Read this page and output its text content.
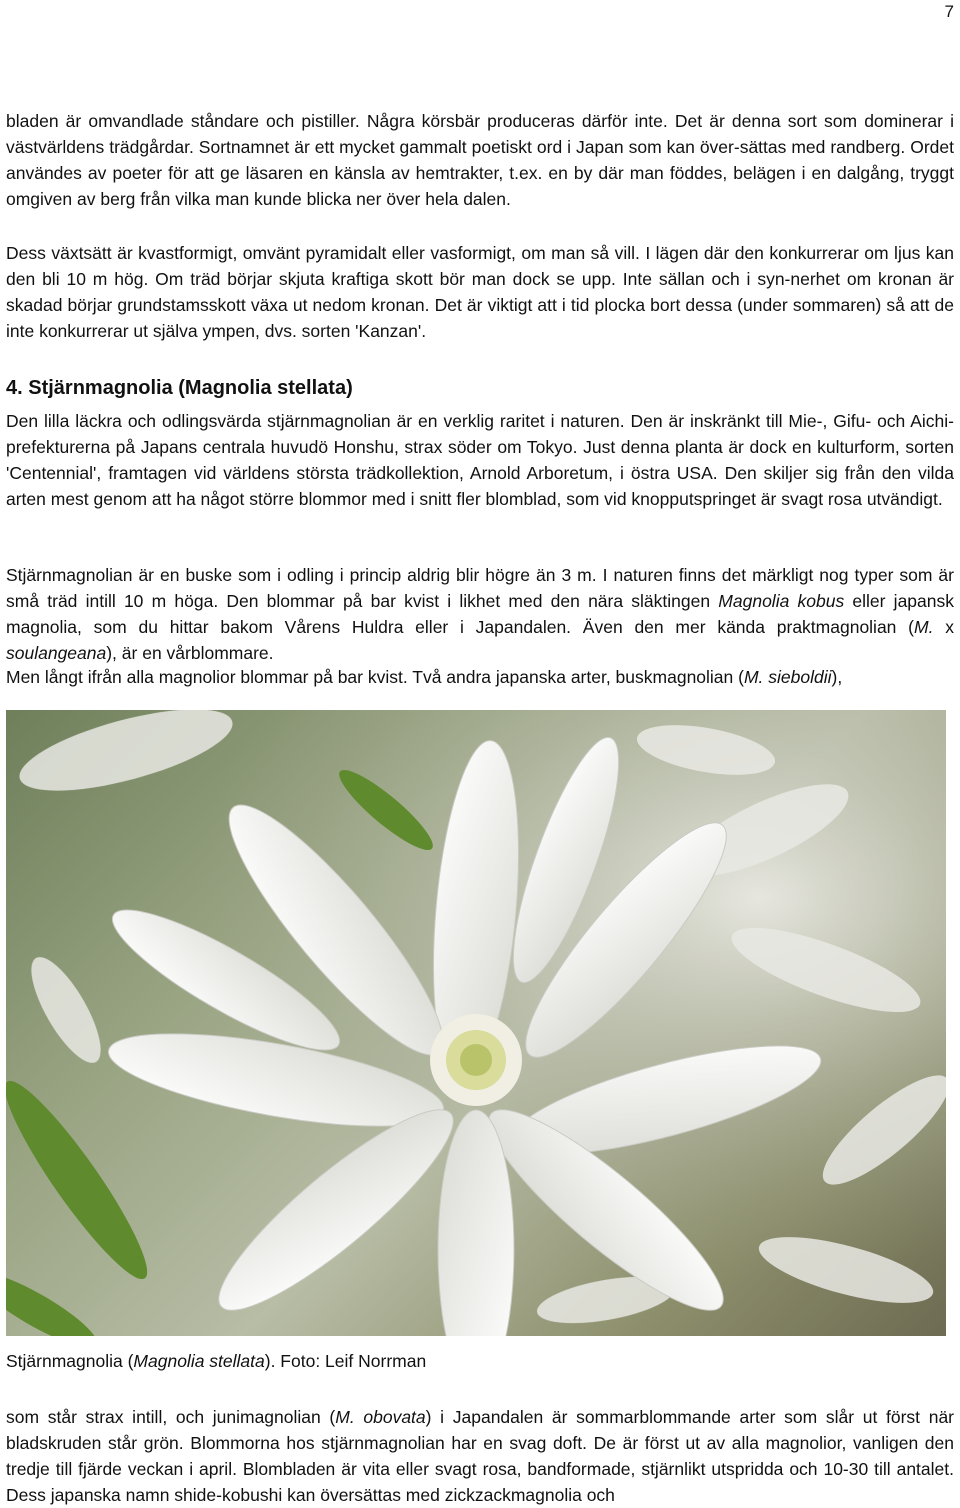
7

bladen är omvandlade ståndare och pistiller. Några körsbär produceras därför inte. Det är denna sort som dominerar i västvärldens trädgårdar. Sortnamnet är ett mycket gammalt poetiskt ord i Japan som kan över-sättas med randberg. Ordet användes av poeter för att ge läsaren en känsla av hemtrakter, t.ex. en by där man föddes, belägen i en dalgång, tryggt omgiven av berg från vilka man kunde blicka ner över hela dalen.

Dess växtsätt är kvastformigt, omvänt pyramidalt eller vasformigt, om man så vill. I lägen där den konkurrerar om ljus kan den bli 10 m hög. Om träd börjar skjuta kraftiga skott bör man dock se upp. Inte sällan och i syn-nerhet om kronan är skadad börjar grundstamsskott växa ut nedom kronan. Det är viktigt att i tid plocka bort dessa (under sommaren) så att de inte konkurrerar ut själva ympen, dvs. sorten 'Kanzan'.

4. Stjärnmagnolia (Magnolia stellata)

Den lilla läckra och odlingsvärda stjärnmagnolian är en verklig raritet i naturen. Den är inskränkt till Mie-, Gifu- och Aichi-prefekturerna på Japans centrala huvudö Honshu, strax söder om Tokyo. Just denna planta är dock en kulturform, sorten 'Centennial', framtagen vid världens största trädkollektion, Arnold Arboretum, i östra USA. Den skiljer sig från den vilda arten mest genom att ha något större blommor med i snitt fler blomblad, som vid knopputspringet är svagt rosa utvändigt.

Stjärnmagnolian är en buske som i odling i princip aldrig blir högre än 3 m. I naturen finns det märkligt nog typer som är små träd intill 10 m höga. Den blommar på bar kvist i likhet med den nära släktingen Magnolia kobus eller japansk magnolia, som du hittar bakom Vårens Huldra eller i Japandalen. Även den mer kända praktmagnolian (M. x soulangeana), är en vårblommare.

Men långt ifrån alla magnolior blommar på bar kvist. Två andra japanska arter, buskmagnolian (M. sieboldii),

Stjärnmagnolia (Magnolia stellata). Foto: Leif Norrman

som står strax intill, och junimagnolian (M. obovata) i Japandalen är sommarblommande arter som slår ut först när bladskruden står grön. Blommorna hos stjärnmagnolian har en svag doft. De är först ut av alla magnolior, vanligen den tredje till fjärde veckan i april. Blombladen är vita eller svagt rosa, bandformade, stjärnlikt utspridda och 10-30 till antalet. Dess japanska namn shide-kobushi kan översättas med zickzackmagnolia och
